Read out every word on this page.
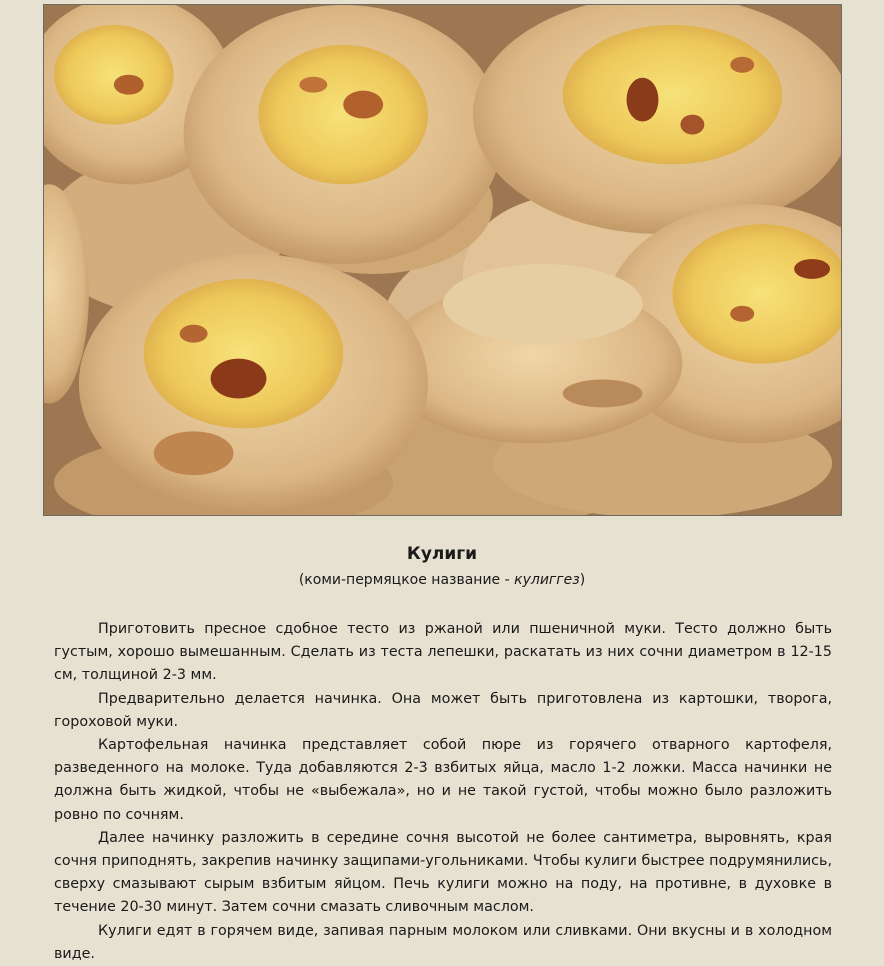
Кулиги
(коми-пермяцкое название - кулиггез)

Приготовить пресное сдобное тесто из ржаной или пшеничной муки. Тесто должно быть густым, хорошо вымешанным. Сделать из теста лепешки, раскатать из них сочни диаметром в 12-15 см, толщиной 2-3 мм.

Предварительно делается начинка. Она может быть приготовлена из картошки, творога, гороховой муки.

Картофельная начинка представляет собой пюре из горячего отварного картофеля, разведенного на молоке. Туда добавляются 2-3 взбитых яйца, масло 1-2 ложки. Масса начинки не должна быть жидкой, чтобы не «выбежала», но и не такой густой, чтобы можно было разложить ровно по сочням.

Далее начинку разложить в середине сочня высотой не более сантиметра, выровнять, края сочня приподнять, закрепив начинку защипами-угольниками. Чтобы кулиги быстрее подрумянились, сверху смазывают сырым взбитым яйцом. Печь кулиги можно на поду, на противне, в духовке в течение 20-30 минут. Затем сочни смазать сливочным маслом.

Кулиги едят в горячем виде, запивая парным молоком или сливками. Они вкусны и в холодном виде.
